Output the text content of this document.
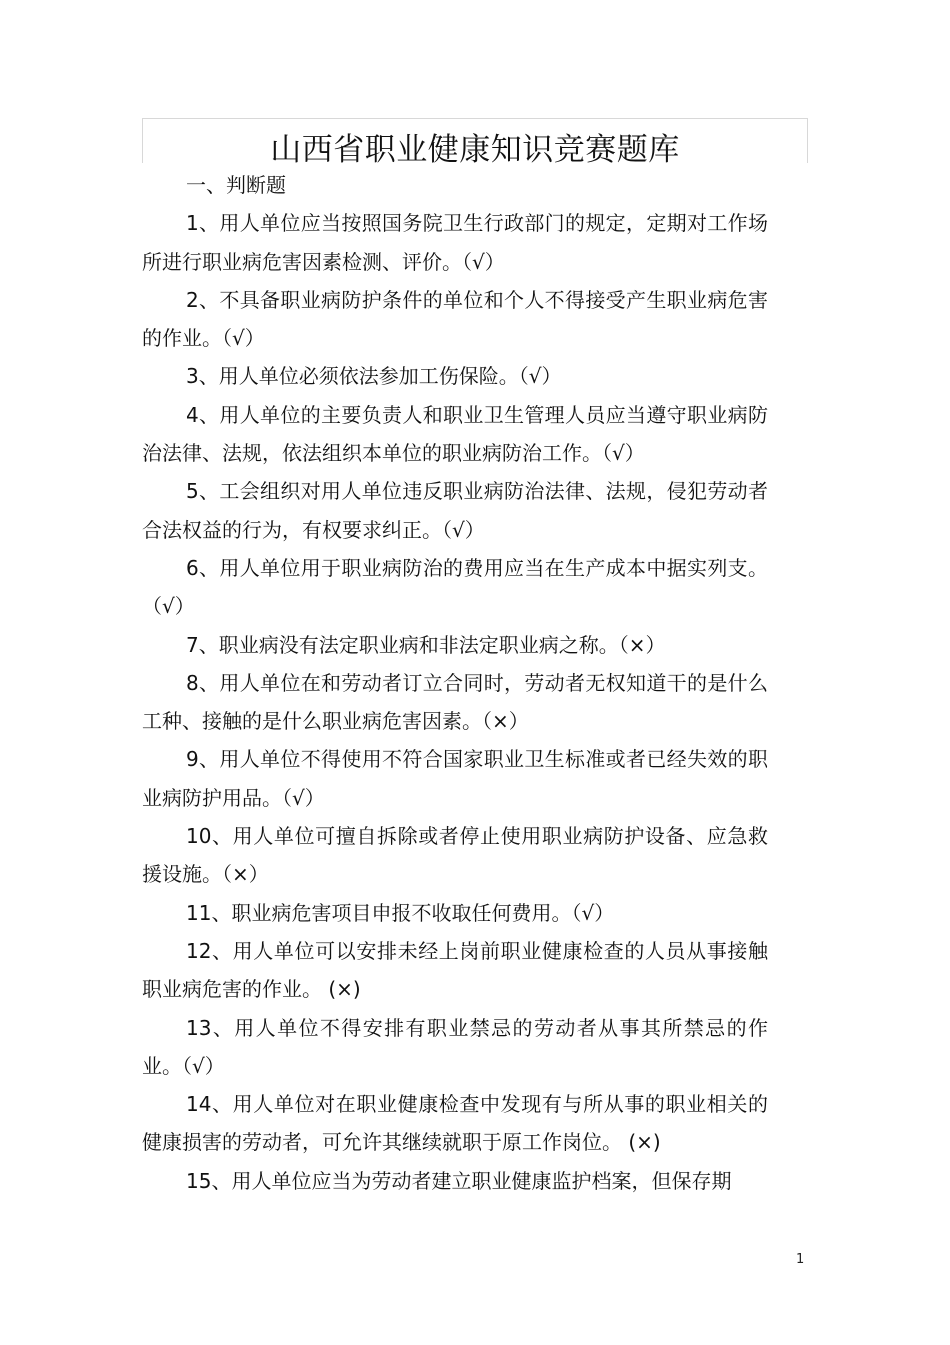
山西省职业健康知识竞赛题库

一、判断题

1、用人单位应当按照国务院卫生行政部门的规定，定期对工作场所进行职业病危害因素检测、评价。（√）

2、不具备职业病防护条件的单位和个人不得接受产生职业病危害的作业。（√）

3、用人单位必须依法参加工伤保险。（√）

4、用人单位的主要负责人和职业卫生管理人员应当遵守职业病防治法律、法规，依法组织本单位的职业病防治工作。（√）

5、工会组织对用人单位违反职业病防治法律、法规，侵犯劳动者合法权益的行为，有权要求纠正。（√）

6、用人单位用于职业病防治的费用应当在生产成本中据实列支。（√）

7、职业病没有法定职业病和非法定职业病之称。（×）

8、用人单位在和劳动者订立合同时，劳动者无权知道干的是什么工种、接触的是什么职业病危害因素。（×）

9、用人单位不得使用不符合国家职业卫生标准或者已经失效的职业病防护用品。（√）

10、用人单位可擅自拆除或者停止使用职业病防护设备、应急救援设施。（×）

11、职业病危害项目申报不收取任何费用。（√）

12、用人单位可以安排未经上岗前职业健康检查的人员从事接触职业病危害的作业。 (×)

13、用人单位不得安排有职业禁忌的劳动者从事其所禁忌的作业。（√）

14、用人单位对在职业健康检查中发现有与所从事的职业相关的健康损害的劳动者，可允许其继续就职于原工作岗位。 (×)

15、用人单位应当为劳动者建立职业健康监护档案，但保存期

1
